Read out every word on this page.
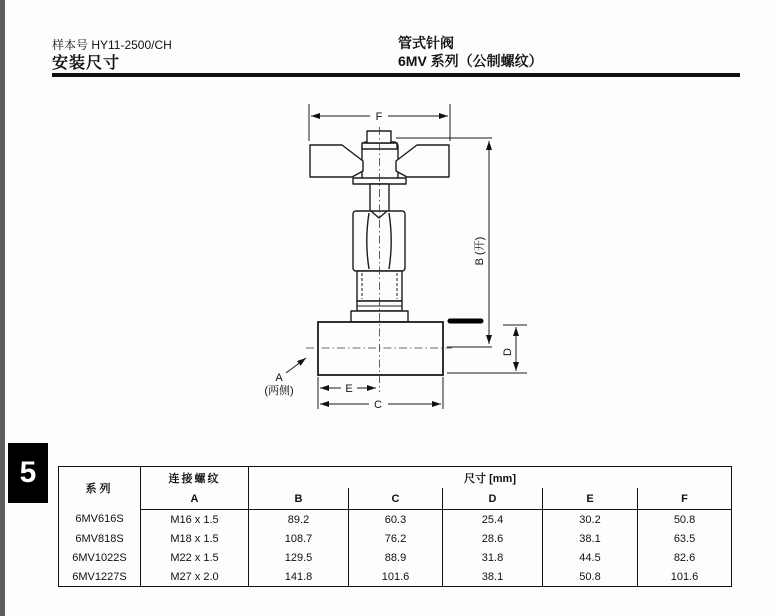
样本号 HY11-2500/CH
安装尺寸
管式针阀
6MV 系列（公制螺纹）
5
F
B (开)
D
E
C
A
(两侧)
系列	连接螺纹	尺寸 [mm]				
	A	B	C	D	E	F
6MV616S	M16 x 1.5	89.2	60.3	25.4	30.2	50.8
6MV818S	M18 x 1.5	108.7	76.2	28.6	38.1	63.5
6MV1022S	M22 x 1.5	129.5	88.9	31.8	44.5	82.6
6MV1227S	M27 x 2.0	141.8	101.6	38.1	50.8	101.6
